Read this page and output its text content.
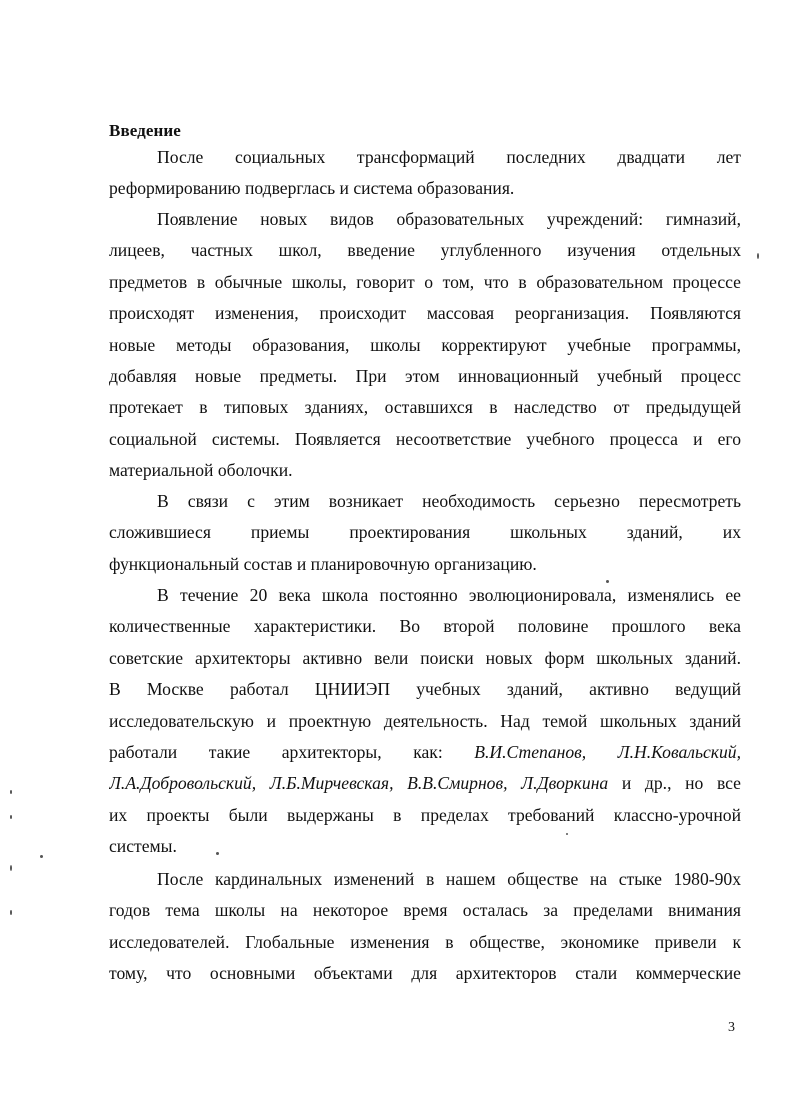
Введение
После социальных трансформаций последних двадцати лет
реформированию подверглась и система образования.
Появление новых видов образовательных учреждений: гимназий,
лицеев, частных школ, введение углубленного изучения отдельных
предметов в обычные школы, говорит о том, что в образовательном процессе
происходят изменения, происходит массовая реорганизация. Появляются
новые методы образования, школы корректируют учебные программы,
добавляя новые предметы. При этом инновационный учебный процесс
протекает в типовых зданиях, оставшихся в наследство от предыдущей
социальной системы. Появляется несоответствие учебного процесса и его
материальной оболочки.
В связи с этим возникает необходимость серьезно пересмотреть
сложившиеся приемы проектирования школьных зданий, их
функциональный состав и планировочную организацию.
В течение 20 века школа постоянно эволюционировала, изменялись ее
количественные характеристики. Во второй половине прошлого века
советские архитекторы активно вели поиски новых форм школьных зданий.
В Москве работал ЦНИИЭП учебных зданий, активно ведущий
исследовательскую и проектную деятельность. Над темой школьных зданий
работали такие архитекторы, как: В.И.Степанов, Л.Н.Ковальский,
Л.А.Добровольский, Л.Б.Мирчевская, В.В.Смирнов, Л.Дворкина и др., но все
их проекты были выдержаны в пределах требований классно-урочной
системы.
После кардинальных изменений в нашем обществе на стыке 1980-90х
годов тема школы на некоторое время осталась за пределами внимания
исследователей. Глобальные изменения в обществе, экономике привели к
тому, что основными объектами для архитекторов стали коммерческие
3
